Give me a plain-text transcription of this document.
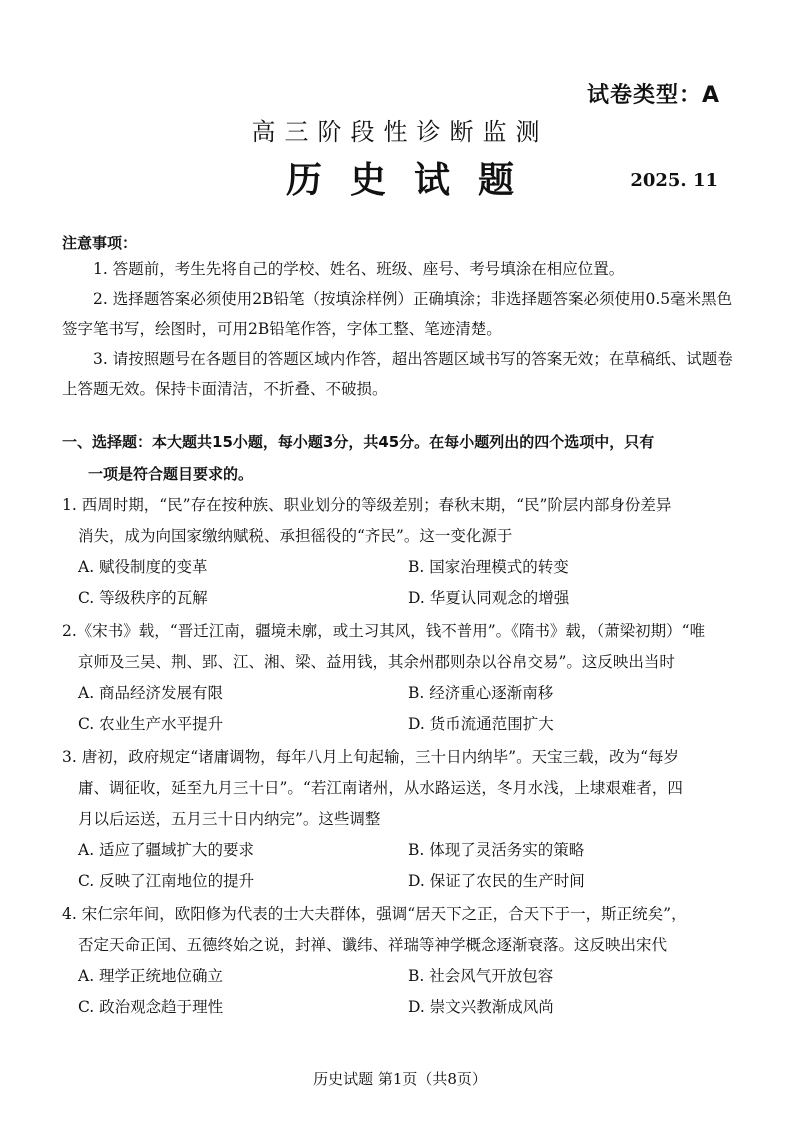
试卷类型：A
高三阶段性诊断监测
历史试题	2025. 11
注意事项：

1. 答题前，考生先将自己的学校、姓名、班级、座号、考号填涂在相应位置。

2. 选择题答案必须使用2B铅笔（按填涂样例）正确填涂；非选择题答案必须使用0.5毫米黑色签字笔书写，绘图时，可用2B铅笔作答，字体工整、笔迹清楚。

3. 请按照题号在各题目的答题区域内作答，超出答题区域书写的答案无效；在草稿纸、试题卷上答题无效。保持卡面清洁，不折叠、不破损。

一、选择题：本大题共15小题，每小题3分，共45分。在每小题列出的四个选项中，只有
一项是符合题目要求的。

1. 西周时期，“民”存在按种族、职业划分的等级差别；春秋末期，“民”阶层内部身份差异
消失，成为向国家缴纳赋税、承担徭役的“齐民”。这一变化源于

A. 赋役制度的变革	B. 国家治理模式的转变
C. 等级秩序的瓦解	D. 华夏认同观念的增强

2.《宋书》载，“晋迁江南，疆境未廓，或土习其风，钱不普用”。《隋书》载，（萧梁初期）“唯
京师及三吴、荆、郢、江、湘、梁、益用钱，其余州郡则杂以谷帛交易”。这反映出当时

A. 商品经济发展有限	B. 经济重心逐渐南移
C. 农业生产水平提升	D. 货币流通范围扩大

3. 唐初，政府规定“诸庸调物，每年八月上旬起输，三十日内纳毕”。天宝三载，改为“每岁
庸、调征收，延至九月三十日”。“若江南诸州，从水路运送，冬月水浅，上埭艰难者，四
月以后运送，五月三十日内纳完”。这些调整

A. 适应了疆域扩大的要求	B. 体现了灵活务实的策略
C. 反映了江南地位的提升	D. 保证了农民的生产时间

4. 宋仁宗年间，欧阳修为代表的士大夫群体，强调“居天下之正，合天下于一，斯正统矣”，
否定天命正闰、五德终始之说，封禅、谶纬、祥瑞等神学概念逐渐衰落。这反映出宋代

A. 理学正统地位确立	B. 社会风气开放包容
C. 政治观念趋于理性	D. 崇文兴教渐成风尚
历史试题 第1页（共8页）
